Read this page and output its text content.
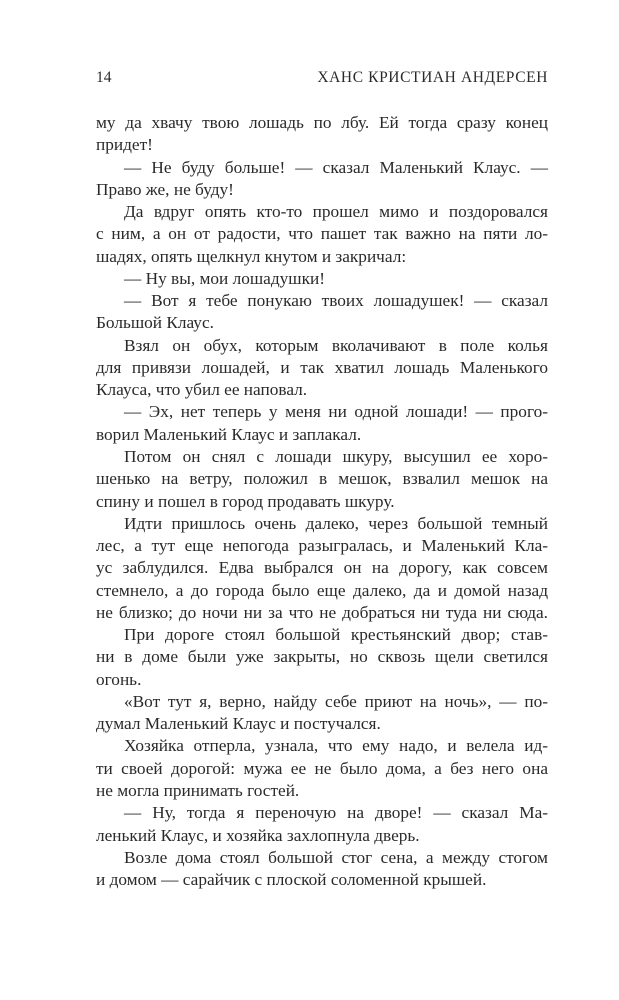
14	ХАНС КРИСТИАН АНДЕРСЕН
му да хвачу твою лошадь по лбу. Ей тогда сразу конец
придет!
— Не буду больше! — сказал Маленький Клаус. —
Право же, не буду!
Да вдруг опять кто-то прошел мимо и поздоровался
с ним, а он от радости, что пашет так важно на пяти ло-
шадях, опять щелкнул кнутом и закричал:
— Ну вы, мои лошадушки!
— Вот я тебе понукаю твоих лошадушек! — сказал
Большой Клаус.
Взял он обух, которым вколачивают в поле колья
для привязи лошадей, и так хватил лошадь Маленького
Клауса, что убил ее наповал.
— Эх, нет теперь у меня ни одной лошади! — прого-
ворил Маленький Клаус и заплакал.
Потом он снял с лошади шкуру, высушил ее хоро-
шенько на ветру, положил в мешок, взвалил мешок на
спину и пошел в город продавать шкуру.
Идти пришлось очень далеко, через большой темный
лес, а тут еще непогода разыгралась, и Маленький Кла-
ус заблудился. Едва выбрался он на дорогу, как совсем
стемнело, а до города было еще далеко, да и домой назад
не близко; до ночи ни за что не добраться ни туда ни сюда.
При дороге стоял большой крестьянский двор; став-
ни в доме были уже закрыты, но сквозь щели светился
огонь.
«Вот тут я, верно, найду себе приют на ночь», — по-
думал Маленький Клаус и постучался.
Хозяйка отперла, узнала, что ему надо, и велела ид-
ти своей дорогой: мужа ее не было дома, а без него она
не могла принимать гостей.
— Ну, тогда я переночую на дворе! — сказал Ма-
ленький Клаус, и хозяйка захлопнула дверь.
Возле дома стоял большой стог сена, а между стогом
и домом — сарайчик с плоской соломенной крышей.
